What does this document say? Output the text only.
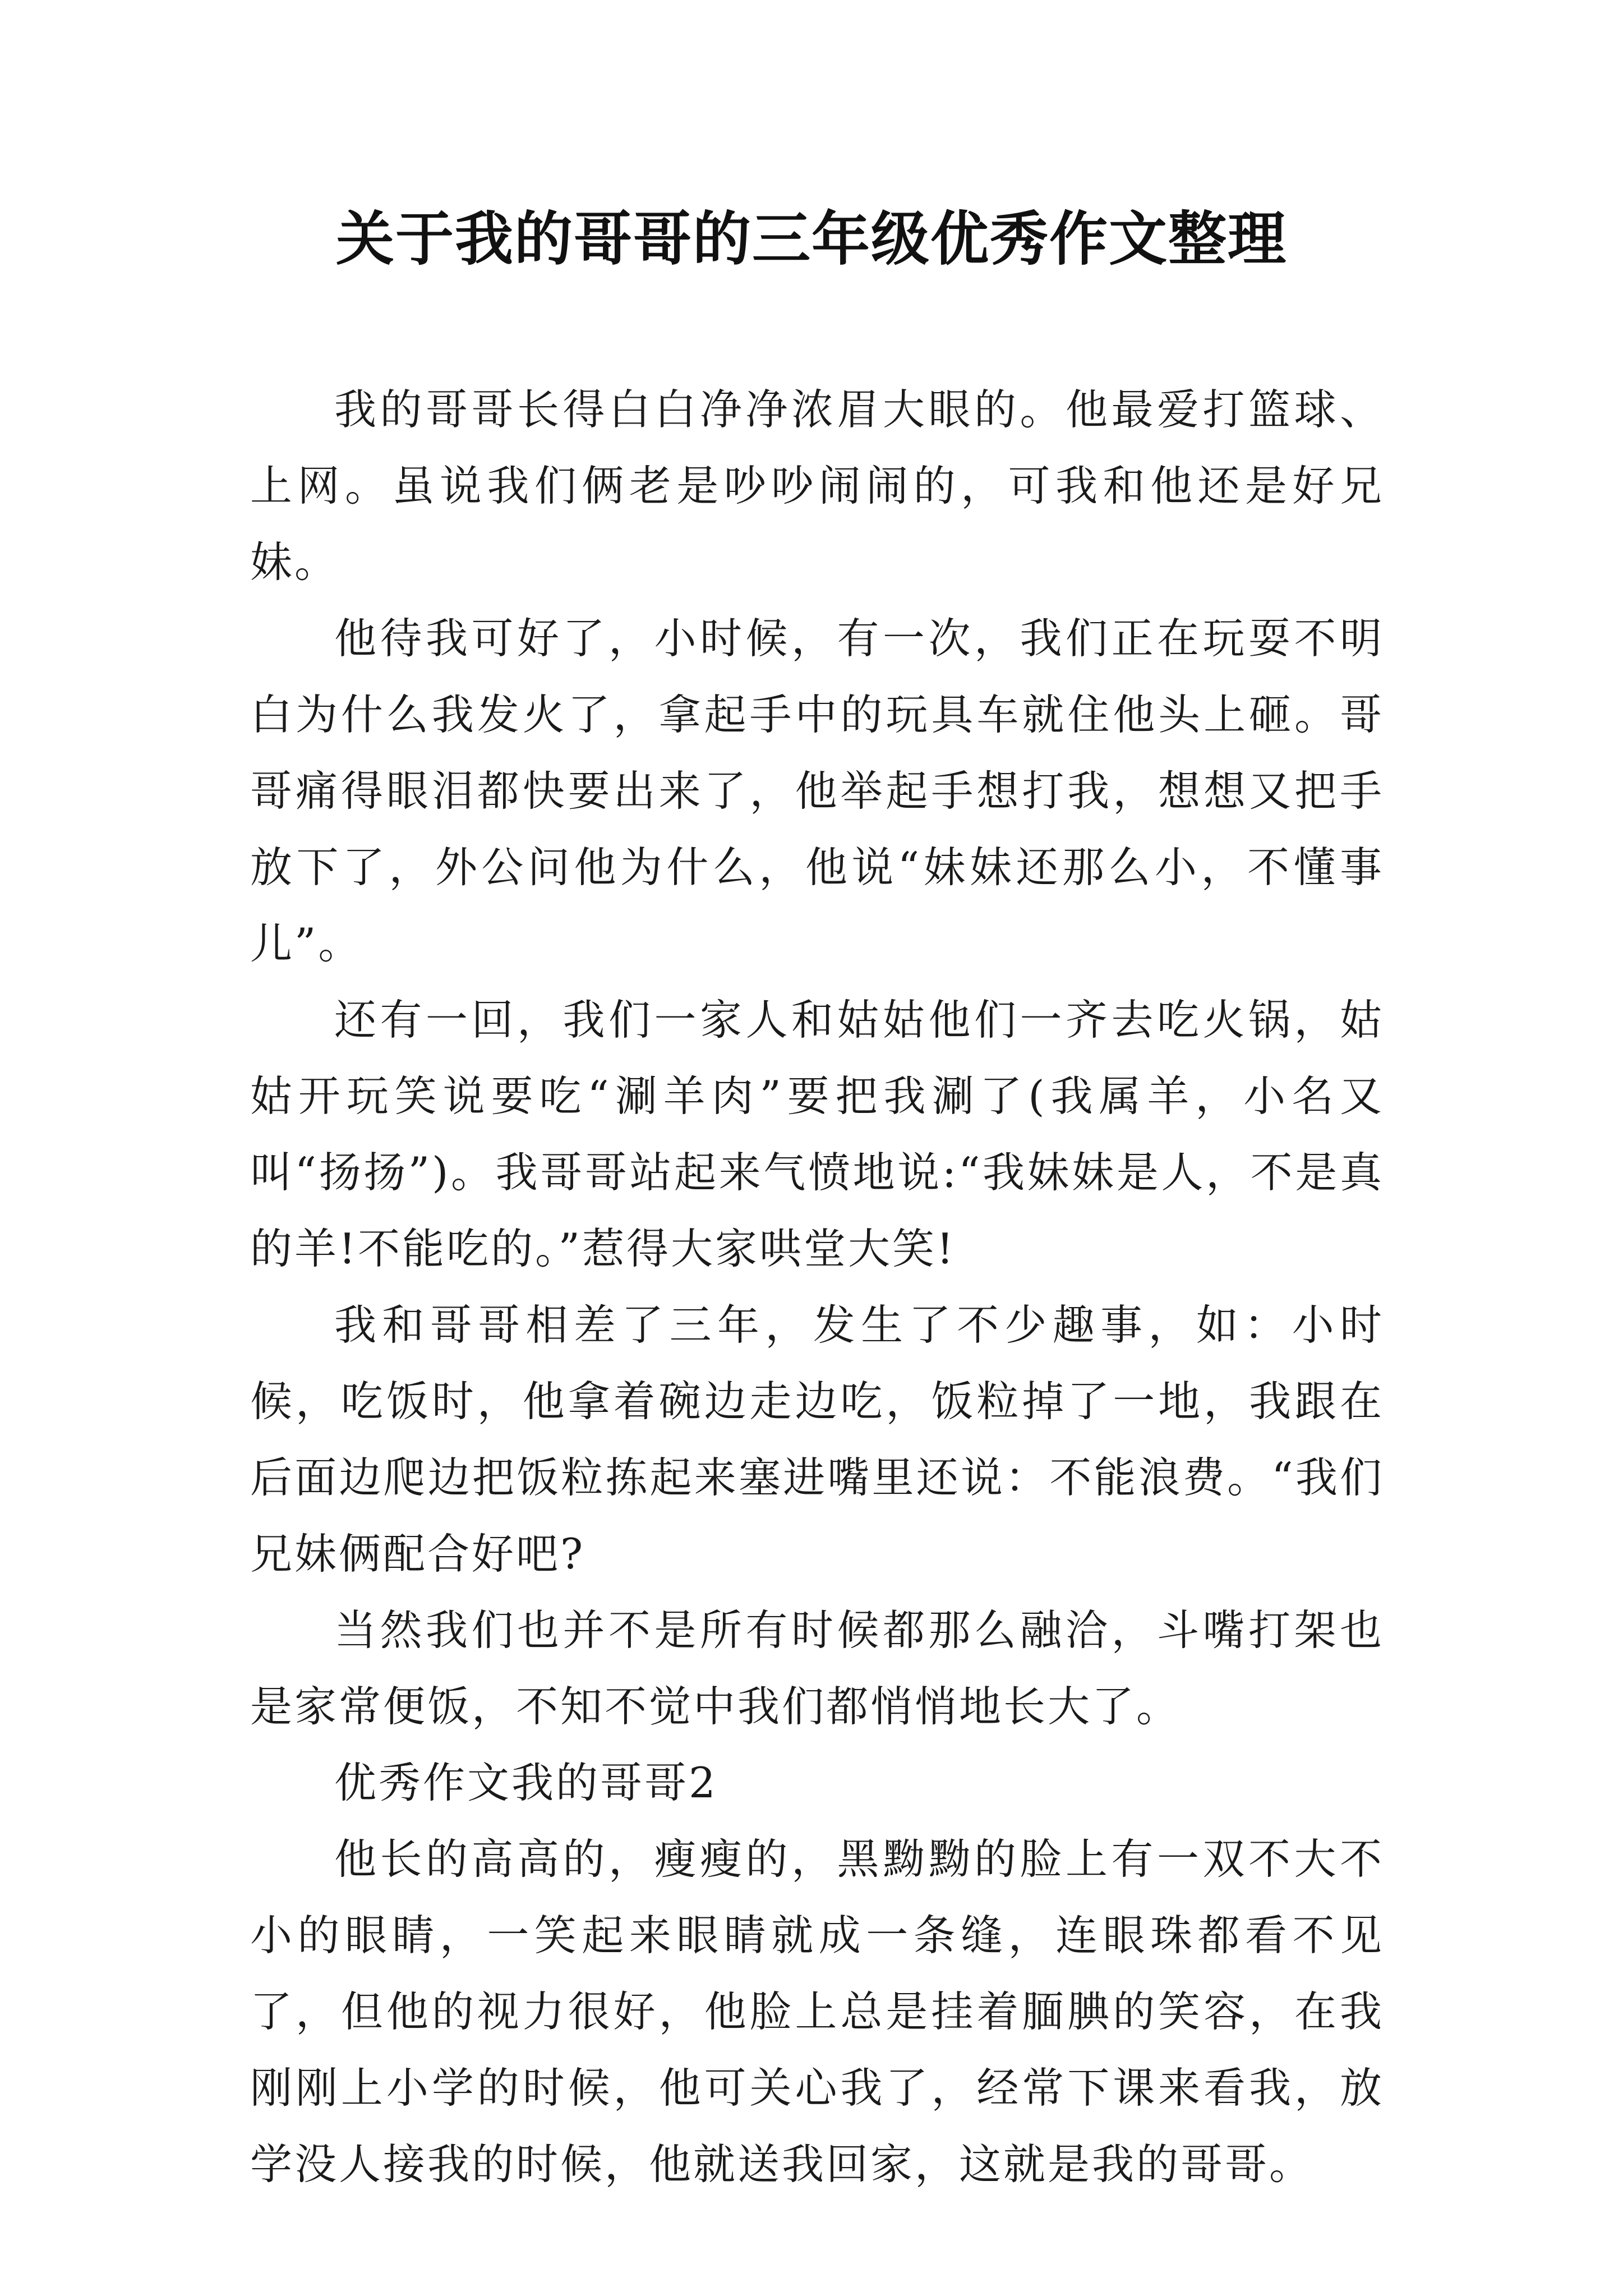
关于我的哥哥的三年级优秀作文整理

我的哥哥长得白白净净浓眉大眼的。他最爱打篮球、上网。虽说我们俩老是吵吵闹闹的，可我和他还是好兄妹。

他待我可好了，小时候，有一次，我们正在玩耍不明白为什么我发火了，拿起手中的玩具车就住他头上砸。哥哥痛得眼泪都快要出来了，他举起手想打我，想想又把手放下了，外公问他为什么，他说“妹妹还那么小，不懂事儿”。

还有一回，我们一家人和姑姑他们一齐去吃火锅，姑姑开玩笑说要吃“涮羊肉”要把我涮了(我属羊，小名又叫“扬扬”)。我哥哥站起来气愤地说:“我妹妹是人，不是真的羊!不能吃的。”惹得大家哄堂大笑!

我和哥哥相差了三年，发生了不少趣事，如：小时候，吃饭时，他拿着碗边走边吃，饭粒掉了一地，我跟在后面边爬边把饭粒拣起来塞进嘴里还说：不能浪费。“我们兄妹俩配合好吧?

当然我们也并不是所有时候都那么融洽，斗嘴打架也是家常便饭，不知不觉中我们都悄悄地长大了。

优秀作文我的哥哥2

他长的高高的，瘦瘦的，黑黝黝的脸上有一双不大不小的眼睛，一笑起来眼睛就成一条缝，连眼珠都看不见了，但他的视力很好，他脸上总是挂着腼腆的笑容，在我刚刚上小学的时候，他可关心我了，经常下课来看我，放学没人接我的时候，他就送我回家，这就是我的哥哥。
